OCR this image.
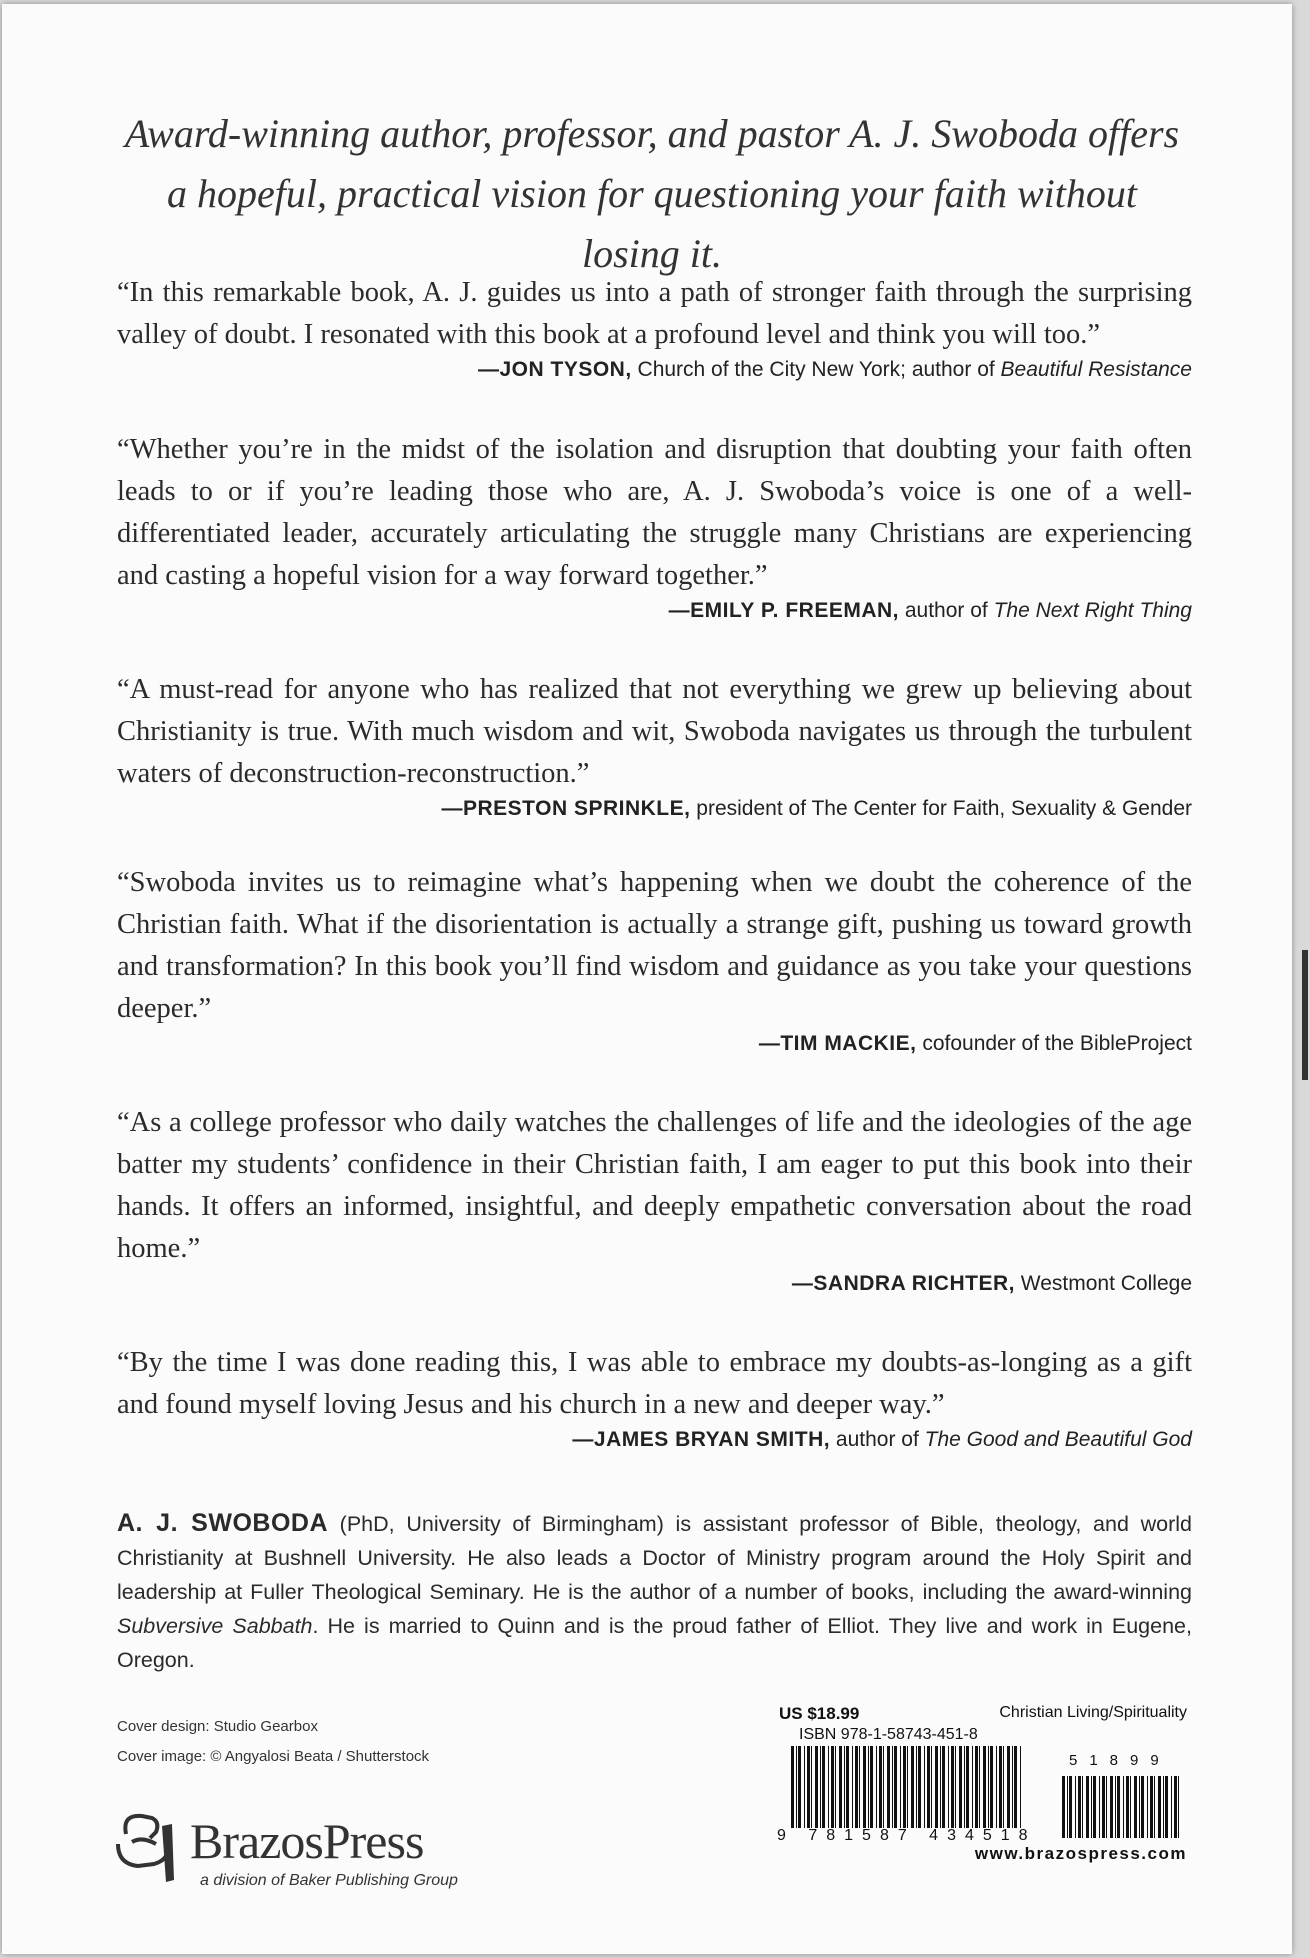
Award-winning author, professor, and pastor A. J. Swoboda offers a hopeful, practical vision for questioning your faith without losing it.

“In this remarkable book, A. J. guides us into a path of stronger faith through the surprising valley of doubt. I resonated with this book at a profound level and think you will too.”

—JON TYSON, Church of the City New York; author of Beautiful Resistance

“Whether you’re in the midst of the isolation and disruption that doubting your faith often leads to or if you’re leading those who are, A. J. Swoboda’s voice is one of a well-differentiated leader, accurately articulating the struggle many Christians are experiencing and casting a hopeful vision for a way forward together.”

—EMILY P. FREEMAN, author of The Next Right Thing

“A must-read for anyone who has realized that not everything we grew up believing about Christianity is true. With much wisdom and wit, Swoboda navigates us through the turbulent waters of deconstruction-reconstruction.”

—PRESTON SPRINKLE, president of The Center for Faith, Sexuality & Gender

“Swoboda invites us to reimagine what’s happening when we doubt the coherence of the Christian faith. What if the disorientation is actually a strange gift, pushing us toward growth and transformation? In this book you’ll find wisdom and guidance as you take your questions deeper.”

—TIM MACKIE, cofounder of the BibleProject

“As a college professor who daily watches the challenges of life and the ideologies of the age batter my students’ confidence in their Christian faith, I am eager to put this book into their hands. It offers an informed, insightful, and deeply empathetic conversation about the road home.”

—SANDRA RICHTER, Westmont College

“By the time I was done reading this, I was able to embrace my doubts-as-longing as a gift and found myself loving Jesus and his church in a new and deeper way.”

—JAMES BRYAN SMITH, author of The Good and Beautiful God

A. J. SWOBODA (PhD, University of Birmingham) is assistant professor of Bible, theology, and world Christianity at Bushnell University. He also leads a Doctor of Ministry program around the Holy Spirit and leadership at Fuller Theological Seminary. He is the author of a number of books, including the award-winning Subversive Sabbath. He is married to Quinn and is the proud father of Elliot. They live and work in Eugene, Oregon.

Cover design: Studio Gearbox
Cover image: © Angyalosi Beata / Shutterstock
BrazosPress
a division of Baker Publishing Group
US $18.99	Christian Living/Spirituality
ISBN 978-1-58743-451-8
51899
9 781587 434518
www.brazospress.com
